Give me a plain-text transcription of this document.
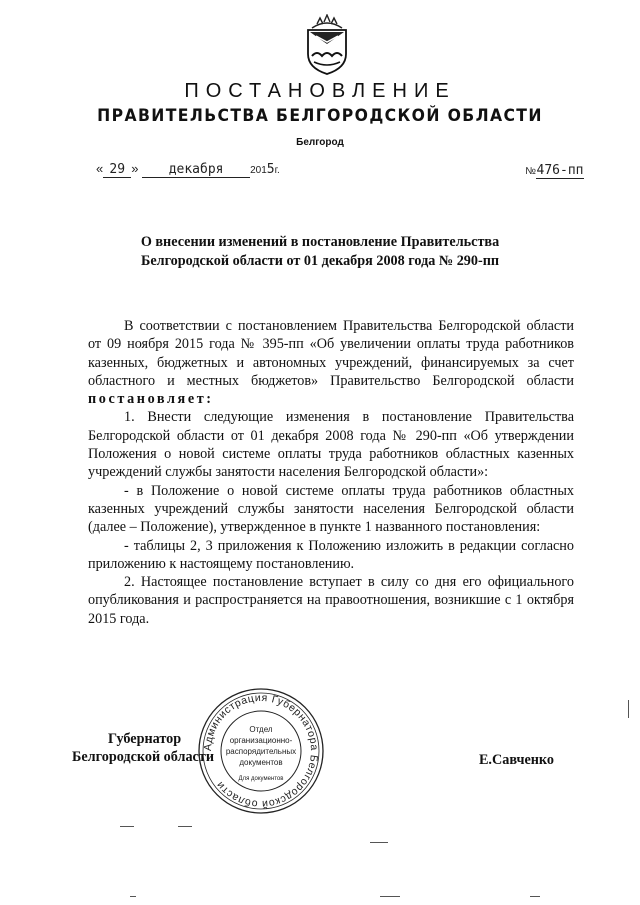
ПОСТАНОВЛЕНИЕ
ПРАВИТЕЛЬСТВА БЕЛГОРОДСКОЙ ОБЛАСТИ
Белгород
« 29 » декабря	2015г.	№476-пп
О внесении изменений в постановление Правительства
Белгородской области от 01 декабря 2008 года № 290-пп

В соответствии с постановлением Правительства Белгородской области от 09 ноября 2015 года № 395-пп «Об увеличении оплаты труда работников казенных, бюджетных и автономных учреждений, финансируемых за счет областного и местных бюджетов» Правительство Белгородской области постановляет:

1. Внести следующие изменения в постановление Правительства Белгородской области от 01 декабря 2008 года № 290-пп «Об утверждении Положения о новой системе оплаты труда работников областных казенных учреждений службы занятости населения Белгородской области»:

- в Положение о новой системе оплаты труда работников областных казенных учреждений службы занятости населения Белгородской области (далее – Положение), утвержденное в пункте 1 названного постановления:

- таблицы 2, 3 приложения к Положению изложить в редакции согласно приложению к настоящему постановлению.

2. Настоящее постановление вступает в силу со дня его официального опубликования и распространяется на правоотношения, возникшие с 1 октября 2015 года.

Губернатор
Белгородской области
Администрация Губернатора Белгородской области
Отдел
организационно-
распорядительных
документов
Для документов
Е.Савченко
